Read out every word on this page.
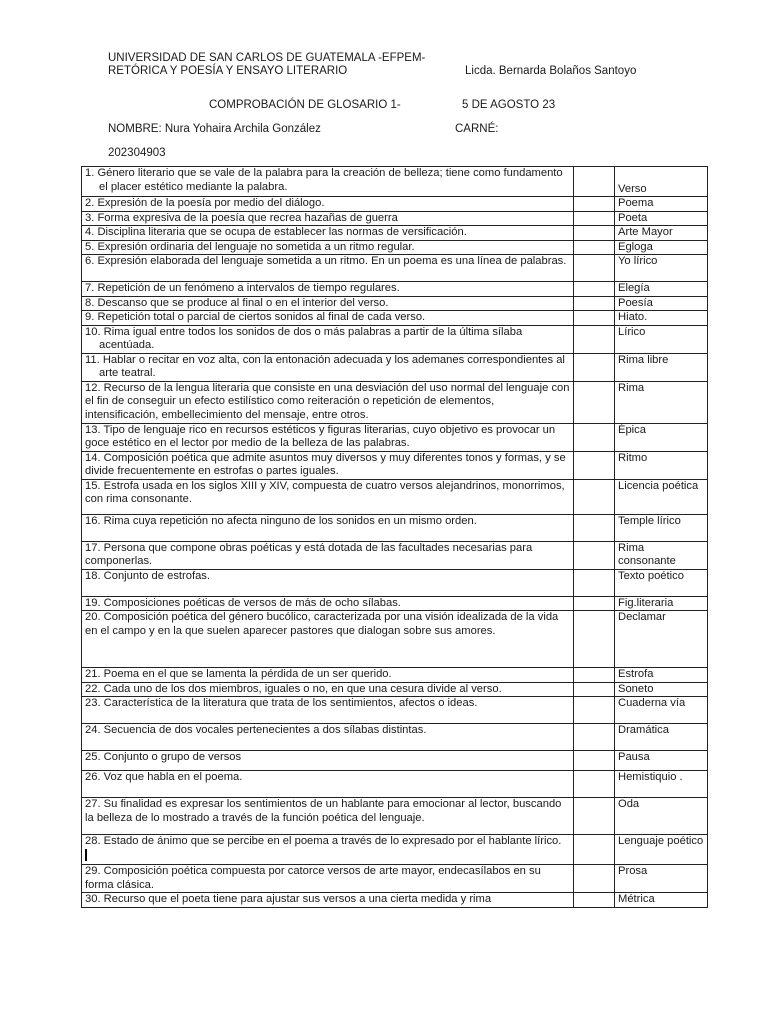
UNIVERSIDAD DE SAN CARLOS DE GUATEMALA -EFPEM-
RETÓRICA Y POESÍA Y ENSAYO LITERARIO	Licda. Bernarda Bolaños Santoyo
COMPROBACIÓN DE GLOSARIO 1-	5 DE AGOSTO 23
NOMBRE: Nura Yohaira Archila González	CARNÉ:
202304903
1. Género literario que se vale de la palabra para la creación de belleza; tiene como fundamento el placer estético mediante la palabra.		Verso

2. Expresión de la poesía por medio del diálogo.		Poema

3. Forma expresiva de la poesía que recrea hazañas de guerra		Poeta

4. Disciplina literaria que se ocupa de establecer las normas de versificación.		Arte Mayor

5. Expresión ordinaria del lenguaje no sometida a un ritmo regular.		Egloga

6. Expresión elaborada del lenguaje sometida a un ritmo. En un poema es una línea de palabras.		Yo lírico

7. Repetición de un fenómeno a intervalos de tiempo regulares.		Elegía

8. Descanso que se produce al final o en el interior del verso.		Poesía

9. Repetición total o parcial de ciertos sonidos al final de cada verso.		Hiato.

10. Rima igual entre todos los sonidos de dos o más palabras a partir de la última sílaba acentúada.		Lírico

11. Hablar o recitar en voz alta, con la entonación adecuada y los ademanes correspondientes al arte teatral.		Rima libre

12. Recurso de la lengua literaria que consiste en una desviación del uso normal del lenguaje con el fin de conseguir un efecto estilístico como reiteración o repetición de elementos, intensificación, embellecimiento del mensaje, entre otros.		Rima

13. Tipo de lenguaje rico en recursos estéticos y figuras literarias, cuyo objetivo es provocar un goce estético en el lector por medio de la belleza de las palabras.		Épica

14. Composición poética que admite asuntos muy diversos y muy diferentes tonos y formas, y se divide frecuentemente en estrofas o partes iguales.		Ritmo

15. Estrofa usada en los siglos XIII y XIV, compuesta de cuatro versos alejandrinos, monorrimos, con rima consonante.		Licencia poética

16. Rima cuya repetición no afecta ninguno de los sonidos en un mismo orden.		Temple lírico

17. Persona que compone obras poéticas y está dotada de las facultades necesarias para componerlas.		Rima consonante

18. Conjunto de estrofas.		Texto poético

19. Composiciones poéticas de versos de más de ocho sílabas.		Fig.literaria

20. Composición poética del género bucólico, caracterizada por una visión idealizada de la vida en el campo y en la que suelen aparecer pastores que dialogan sobre sus amores.		Declamar

21. Poema en el que se lamenta la pérdida de un ser querido.		Estrofa

22. Cada uno de los dos miembros, iguales o no, en que una cesura divide al verso.		Soneto

23. Característica de la literatura que trata de los sentimientos, afectos o ideas.		Cuaderna vía

24. Secuencia de dos vocales pertenecientes a dos sílabas distintas.		Dramática

25. Conjunto o grupo de versos		Pausa

26. Voz que habla en el poema.		Hemistiquio .

27. Su finalidad es expresar los sentimientos de un hablante para emocionar al lector, buscando la belleza de lo mostrado a través de la función poética del lenguaje.		Oda

28. Estado de ánimo que se percibe en el poema a través de lo expresado por el hablante lírico.		Lenguaje poético

29. Composición poética compuesta por catorce versos de arte mayor, endecasílabos en su forma clásica.		Prosa

30. Recurso que el poeta tiene para ajustar sus versos a una cierta medida y rima		Métrica
